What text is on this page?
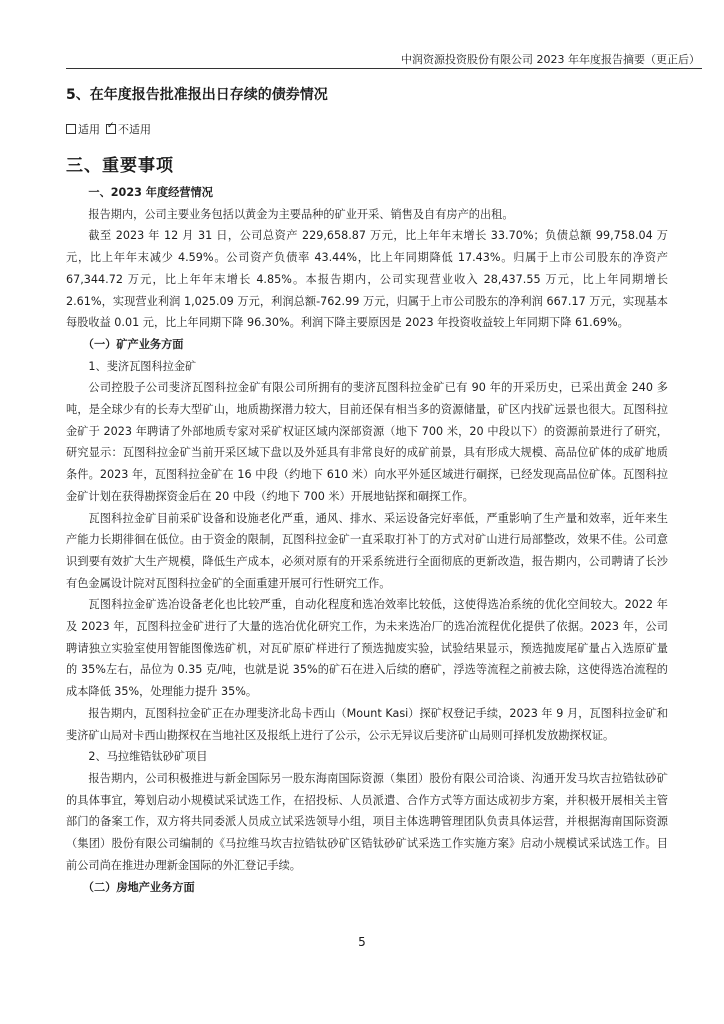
中润资源投资股份有限公司 2023 年年度报告摘要（更正后）
5、在年度报告批准报出日存续的债券情况
适用✓ 不适用
三、重要事项

一、2023 年度经营情况

报告期内，公司主要业务包括以黄金为主要品种的矿业开采、销售及自有房产的出租。

截至 2023 年 12 月 31 日，公司总资产 229,658.87 万元，比上年年末增长 33.70%；负债总额 99,758.04 万元，比上年年末减少 4.59%。公司资产负债率 43.44%，比上年同期降低 17.43%。归属于上市公司股东的净资产 67,344.72 万元，比上年年末增长 4.85%。本报告期内，公司实现营业收入 28,437.55 万元，比上年同期增长 2.61%，实现营业利润 1,025.09 万元，利润总额-762.99 万元，归属于上市公司股东的净利润 667.17 万元，实现基本每股收益 0.01 元，比上年同期下降 96.30%。利润下降主要原因是 2023 年投资收益较上年同期下降 61.69%。

（一）矿产业务方面

1、斐济瓦图科拉金矿

公司控股子公司斐济瓦图科拉金矿有限公司所拥有的斐济瓦图科拉金矿已有 90 年的开采历史，已采出黄金 240 多吨，是全球少有的长寿大型矿山，地质勘探潜力较大，目前还保有相当多的资源储量，矿区内找矿远景也很大。瓦图科拉金矿于 2023 年聘请了外部地质专家对采矿权证区域内深部资源（地下 700 米，20 中段以下）的资源前景进行了研究，研究显示：瓦图科拉金矿当前开采区域下盘以及外延具有非常良好的成矿前景，具有形成大规模、高品位矿体的成矿地质条件。2023 年，瓦图科拉金矿在 16 中段（约地下 610 米）向水平外延区域进行硐探，已经发现高品位矿体。瓦图科拉金矿计划在获得勘探资金后在 20 中段（约地下 700 米）开展地钻探和硐探工作。

瓦图科拉金矿目前采矿设备和设施老化严重，通风、排水、采运设备完好率低，严重影响了生产量和效率，近年来生产能力长期徘徊在低位。由于资金的限制，瓦图科拉金矿一直采取打补丁的方式对矿山进行局部整改，效果不佳。公司意识到要有效扩大生产规模，降低生产成本，必须对原有的开采系统进行全面彻底的更新改造，报告期内，公司聘请了长沙有色金属设计院对瓦图科拉金矿的全面重建开展可行性研究工作。

瓦图科拉金矿选冶设备老化也比较严重，自动化程度和选冶效率比较低，这使得选冶系统的优化空间较大。2022 年及 2023 年，瓦图科拉金矿进行了大量的选冶优化研究工作，为未来选冶厂的选冶流程优化提供了依据。2023 年，公司聘请独立实验室使用智能图像选矿机，对瓦矿原矿样进行了预选抛废实验，试验结果显示，预选抛废尾矿量占入选原矿量的 35%左右，品位为 0.35 克/吨，也就是说 35%的矿石在进入后续的磨矿，浮选等流程之前被去除，这使得选冶流程的成本降低 35%，处理能力提升 35%。

报告期内，瓦图科拉金矿正在办理斐济北岛卡西山（Mount Kasi）探矿权登记手续，2023 年 9 月，瓦图科拉金矿和斐济矿山局对卡西山勘探权在当地社区及报纸上进行了公示，公示无异议后斐济矿山局则可择机发放勘探权证。

2、马拉维锆钛砂矿项目

报告期内，公司积极推进与新金国际另一股东海南国际资源（集团）股份有限公司洽谈、沟通开发马坎吉拉锆钛砂矿的具体事宜，筹划启动小规模试采试选工作，在招投标、人员派遣、合作方式等方面达成初步方案，并积极开展相关主管部门的备案工作，双方将共同委派人员成立试采选领导小组，项目主体选聘管理团队负责具体运营，并根据海南国际资源（集团）股份有限公司编制的《马拉维马坎吉拉锆钛砂矿区锆钛砂矿试采选工作实施方案》启动小规模试采试选工作。目前公司尚在推进办理新金国际的外汇登记手续。

（二）房地产业务方面

5
